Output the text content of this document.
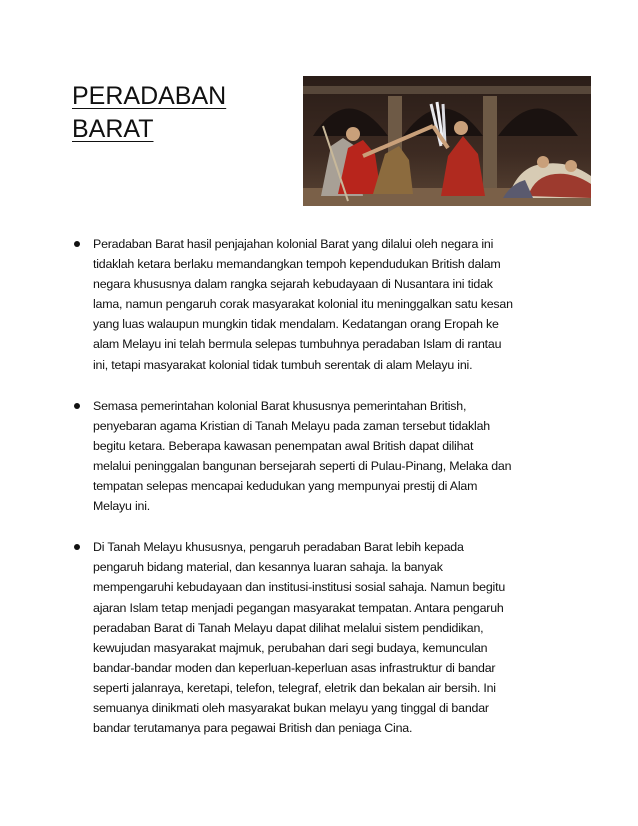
PERADABAN
BARAT
Peradaban Barat hasil penjajahan kolonial Barat yang dilalui oleh negara ini
tidaklah ketara berlaku memandangkan tempoh kependudukan British dalam
negara khususnya dalam rangka sejarah kebudayaan di Nusantara ini tidak
lama, namun pengaruh corak masyarakat kolonial itu meninggalkan satu kesan
yang luas walaupun mungkin tidak mendalam. Kedatangan orang Eropah ke
alam Melayu ini telah bermula selepas tumbuhnya peradaban Islam di rantau
ini, tetapi masyarakat kolonial tidak tumbuh serentak di alam Melayu ini.
Semasa pemerintahan kolonial Barat khususnya pemerintahan British,
penyebaran agama Kristian di Tanah Melayu pada zaman tersebut tidaklah
begitu ketara. Beberapa kawasan penempatan awal British dapat dilihat
melalui peninggalan bangunan bersejarah seperti di Pulau-Pinang, Melaka dan
tempatan selepas mencapai kedudukan yang mempunyai prestij di Alam
Melayu ini.
Di Tanah Melayu khususnya, pengaruh peradaban Barat lebih kepada
pengaruh bidang material, dan kesannya luaran sahaja. la banyak
mempengaruhi kebudayaan dan institusi-institusi sosial sahaja. Namun begitu
ajaran Islam tetap menjadi pegangan masyarakat tempatan. Antara pengaruh
peradaban Barat di Tanah Melayu dapat dilihat melalui sistem pendidikan,
kewujudan masyarakat majmuk, perubahan dari segi budaya, kemunculan
bandar-bandar moden dan keperluan-keperluan asas infrastruktur di bandar
seperti jalanraya, keretapi, telefon, telegraf, eletrik dan bekalan air bersih. Ini
semuanya dinikmati oleh masyarakat bukan melayu yang tinggal di bandar
bandar terutamanya para pegawai British dan peniaga Cina.
